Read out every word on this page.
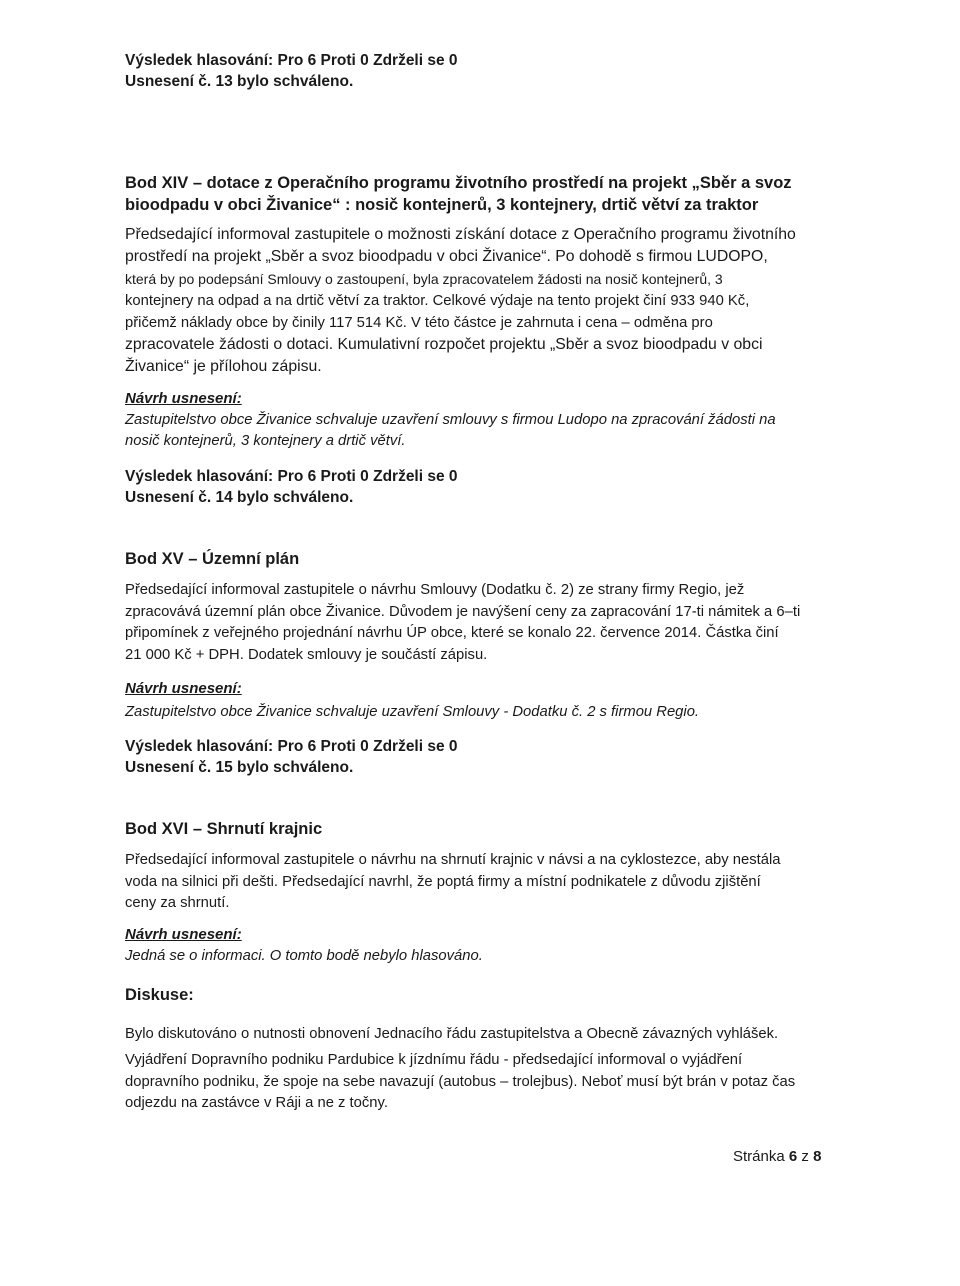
Výsledek hlasování: Pro 6 Proti 0 Zdrželi se 0
Usnesení č. 13 bylo schváleno.
Bod XIV – dotace z Operačního programu životního prostředí na projekt „Sběr a svoz
bioodpadu v obci Živanice“ : nosič kontejnerů, 3 kontejnery, drtič větví za traktor
Předsedající informoval zastupitele o možnosti získání dotace z Operačního programu životního
prostředí na projekt „Sběr a svoz bioodpadu v obci Živanice“. Po dohodě s firmou LUDOPO,
která by po podepsání Smlouvy o zastoupení, byla zpracovatelem žádosti na nosič kontejnerů, 3
kontejnery na odpad a na drtič větví za traktor. Celkové výdaje na tento projekt činí 933 940 Kč,
přičemž náklady obce by činily 117 514 Kč. V této částce je zahrnuta i cena – odměna pro
zpracovatele žádosti o dotaci. Kumulativní rozpočet projektu „Sběr a svoz bioodpadu v obci
Živanice“ je přílohou zápisu.
Návrh usnesení:
Zastupitelstvo obce Živanice schvaluje uzavření smlouvy s firmou Ludopo na zpracování žádosti na
nosič kontejnerů, 3 kontejnery a drtič větví.
Výsledek hlasování: Pro 6 Proti 0 Zdrželi se 0
Usnesení č. 14 bylo schváleno.
Bod XV – Územní plán
Předsedající informoval zastupitele o návrhu Smlouvy (Dodatku č. 2) ze strany firmy Regio, jež
zpracovává územní plán obce Živanice. Důvodem je navýšení ceny za zapracování 17-ti námitek a 6–ti
připomínek z veřejného projednání návrhu ÚP obce, které se konalo 22. července 2014. Částka činí
21 000 Kč + DPH. Dodatek smlouvy je součástí zápisu.
Návrh usnesení:
Zastupitelstvo obce Živanice schvaluje uzavření Smlouvy - Dodatku č. 2 s firmou Regio.
Výsledek hlasování: Pro 6 Proti 0 Zdrželi se 0
Usnesení č. 15 bylo schváleno.
Bod XVI – Shrnutí krajnic
Předsedající informoval zastupitele o návrhu na shrnutí krajnic v návsi a na cyklostezce, aby nestála
voda na silnici při dešti. Předsedající navrhl, že poptá firmy a místní podnikatele z důvodu zjištění
ceny za shrnutí.
Návrh usnesení:
Jedná se o informaci. O tomto bodě nebylo hlasováno.
Diskuse:
Bylo diskutováno o nutnosti obnovení Jednacího řádu zastupitelstva a Obecně závazných vyhlášek.
Vyjádření Dopravního podniku Pardubice k jízdnímu řádu - předsedající informoval o vyjádření
dopravního podniku, že spoje na sebe navazují (autobus – trolejbus). Neboť musí být brán v potaz čas
odjezdu na zastávce v Ráji a ne z točny.
Stránka 6 z 8
